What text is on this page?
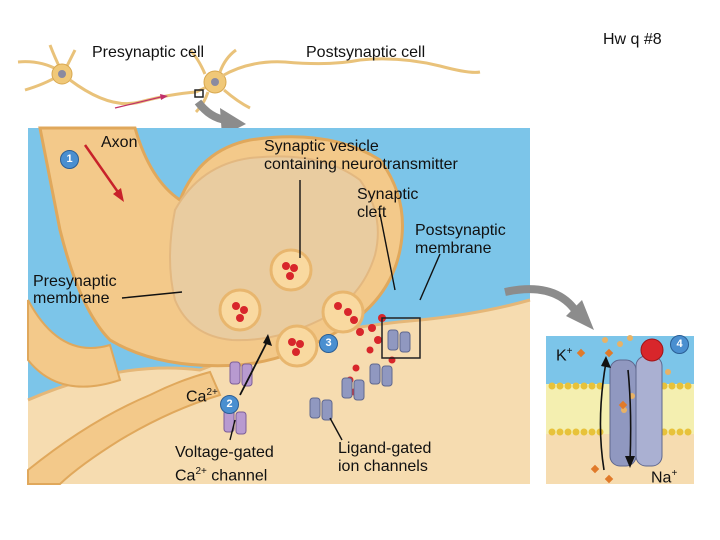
Presynaptic cell	Postsynaptic cell
Hw q #8
Axon	Synaptic vesicle
containing neurotransmitter
Synaptic
cleft
Postsynaptic
membrane
Presynaptic
membrane
$Ca^{2+}$
Voltage-gated
$Ca^{2+}$ channel
Ligand-gated
ion channels
K+
Na+
1
2
3	4
